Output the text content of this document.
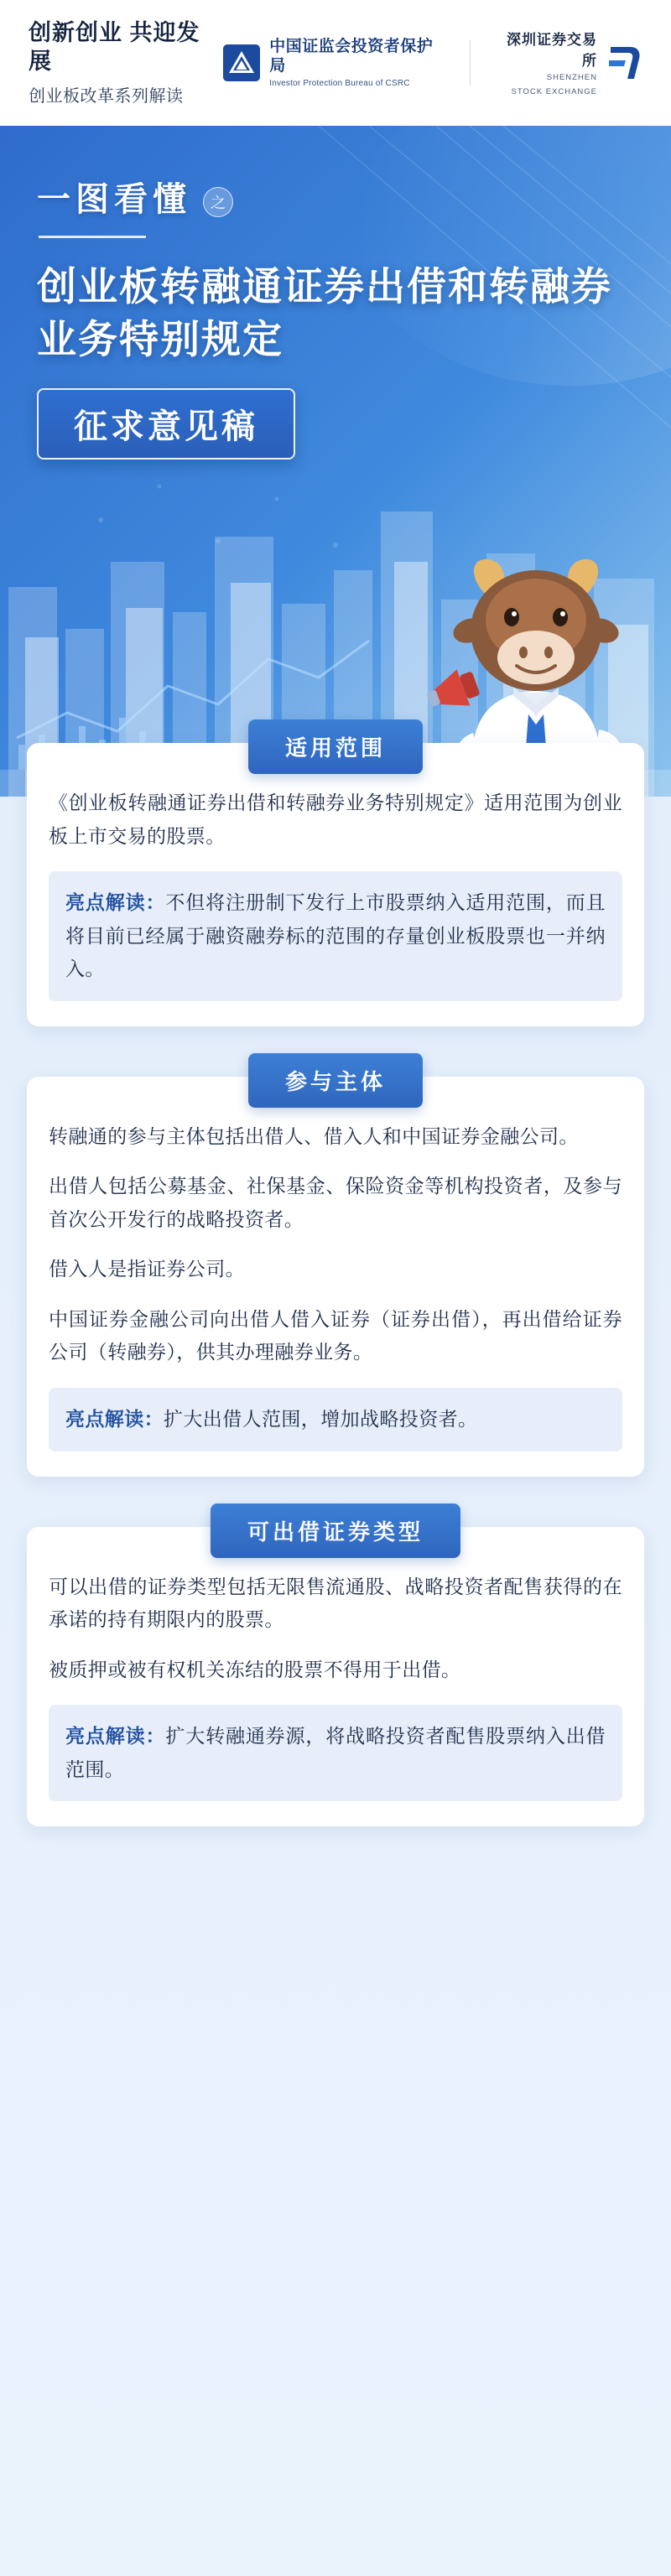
创新创业 共迎发展
创业板改革系列解读
中国证监会投资者保护局
Investor Protection Bureau of CSRC
深圳证券交易所
SHENZHEN
STOCK EXCHANGE
一图看懂	之
创业板转融通证券出借和转融券业务特别规定
征求意见稿
适用范围

《创业板转融通证券出借和转融券业务特别规定》适用范围为创业板上市交易的股票。

亮点解读：不但将注册制下发行上市股票纳入适用范围，而且将目前已经属于融资融券标的范围的存量创业板股票也一并纳入。
参与主体

转融通的参与主体包括出借人、借入人和中国证券金融公司。

出借人包括公募基金、社保基金、保险资金等机构投资者，及参与首次公开发行的战略投资者。

借入人是指证券公司。

中国证券金融公司向出借人借入证券（证券出借），再出借给证券公司（转融券），供其办理融券业务。

亮点解读：扩大出借人范围，增加战略投资者。
可出借证券类型

可以出借的证券类型包括无限售流通股、战略投资者配售获得的在承诺的持有期限内的股票。

被质押或被有权机关冻结的股票不得用于出借。

亮点解读：扩大转融通券源，将战略投资者配售股票纳入出借范围。
